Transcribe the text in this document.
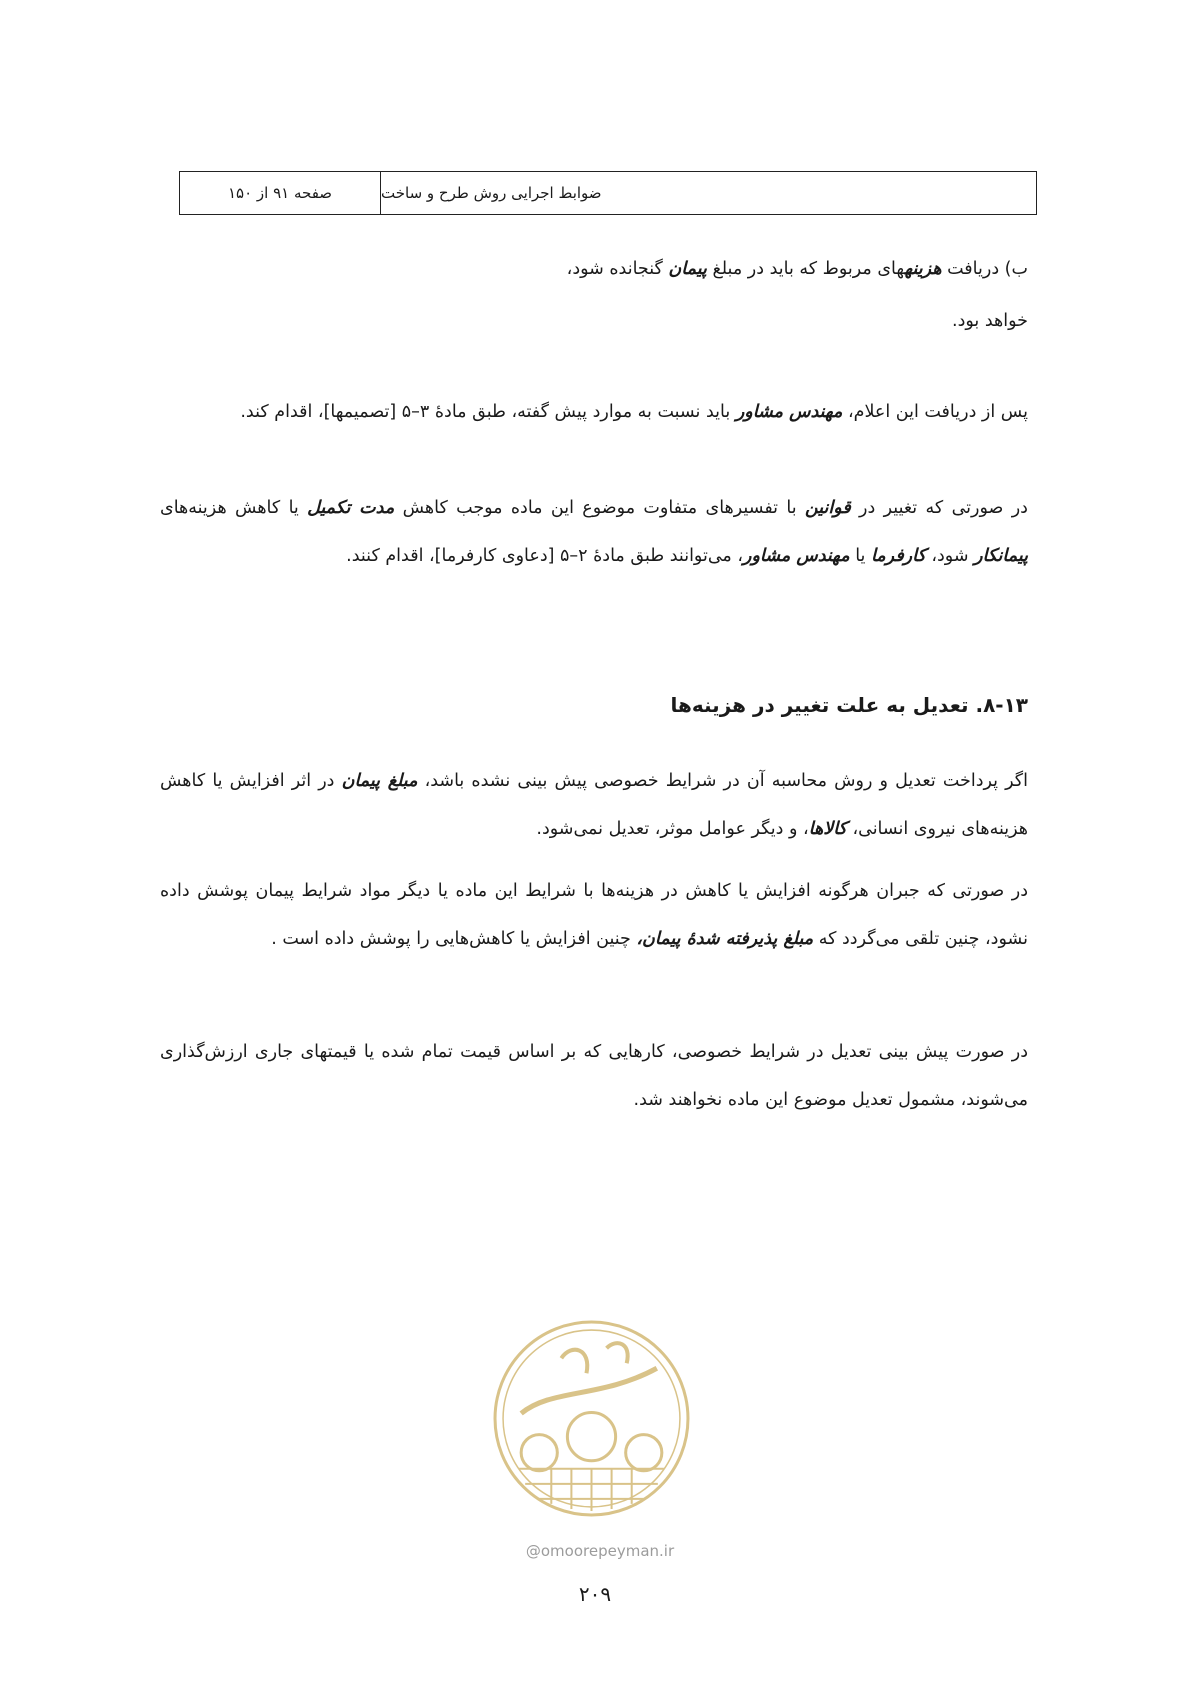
صفحه ۹۱ از ۱۵۰	ضوابط اجرایی روش طرح و ساخت
ب) دریافت هزینههای مربوط که باید در مبلغ پیمان گنجانده شود،
خواهد بود.
پس از دریافت این اعلام، مهندس مشاور باید نسبت به موارد پیش گفته، طبق مادۀ ۳–۵ [تصمیمها]، اقدام کند.
در صورتی که تغییر در قوانین با تفسیرهای متفاوت موضوع این ماده موجب کاهش مدت تکمیل یا کاهش هزینه‌های پیمانکار شود، کارفرما یا مهندس مشاور، می‌توانند طبق مادۀ ۲–۵ [دعاوی کارفرما]، اقدام کنند.
۸-۱۳. تعدیل به علت تغییر در هزینه‌ها
اگر پرداخت تعدیل و روش محاسبه آن در شرایط خصوصی پیش بینی نشده باشد، مبلغ پیمان در اثر افزایش یا کاهش هزینه‌های نیروی انسانی، کالاها، و دیگر عوامل موثر، تعدیل نمی‌شود.
در صورتی که جبران هرگونه افزایش یا کاهش در هزینه‌ها با شرایط این ماده یا دیگر مواد شرایط پیمان پوشش داده نشود، چنین تلقی می‌گردد که مبلغ پذیرفته شدۀ پیمان، چنین افزایش یا کاهش‌هایی را پوشش داده است .
در صورت پیش بینی تعدیل در شرایط خصوصی، کارهایی که بر اساس قیمت تمام شده یا قیمتهای جاری ارزش‌گذاری می‌شوند، مشمول تعدیل موضوع این ماده نخواهند شد.
@omoorepeyman.ir
۲۰۹
